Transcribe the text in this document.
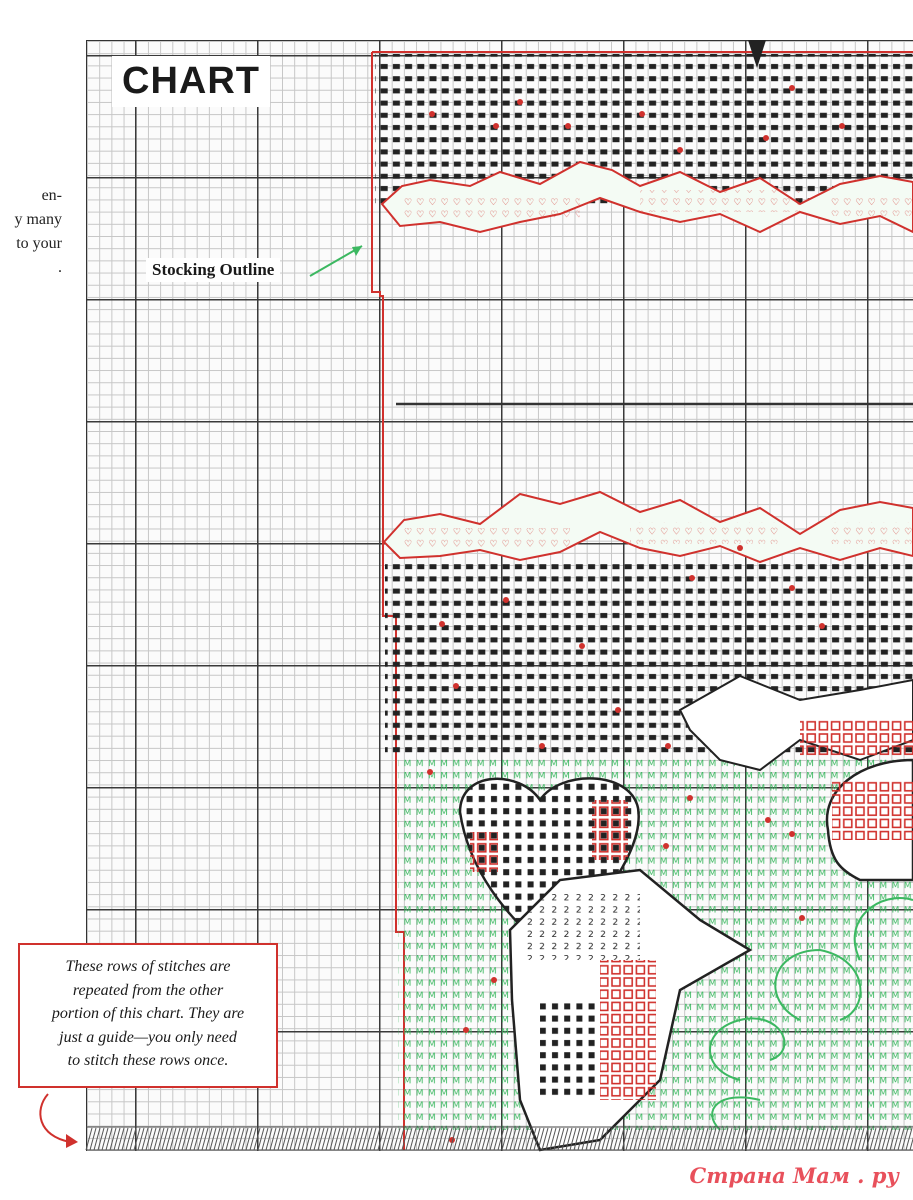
CHART
en-
y many
to your
.	Stocking Outline
These rows of stitches are
repeated from the other
portion of this chart. They are
just a guide—you only need
to stitch these rows once.
Страна Мам . ру
